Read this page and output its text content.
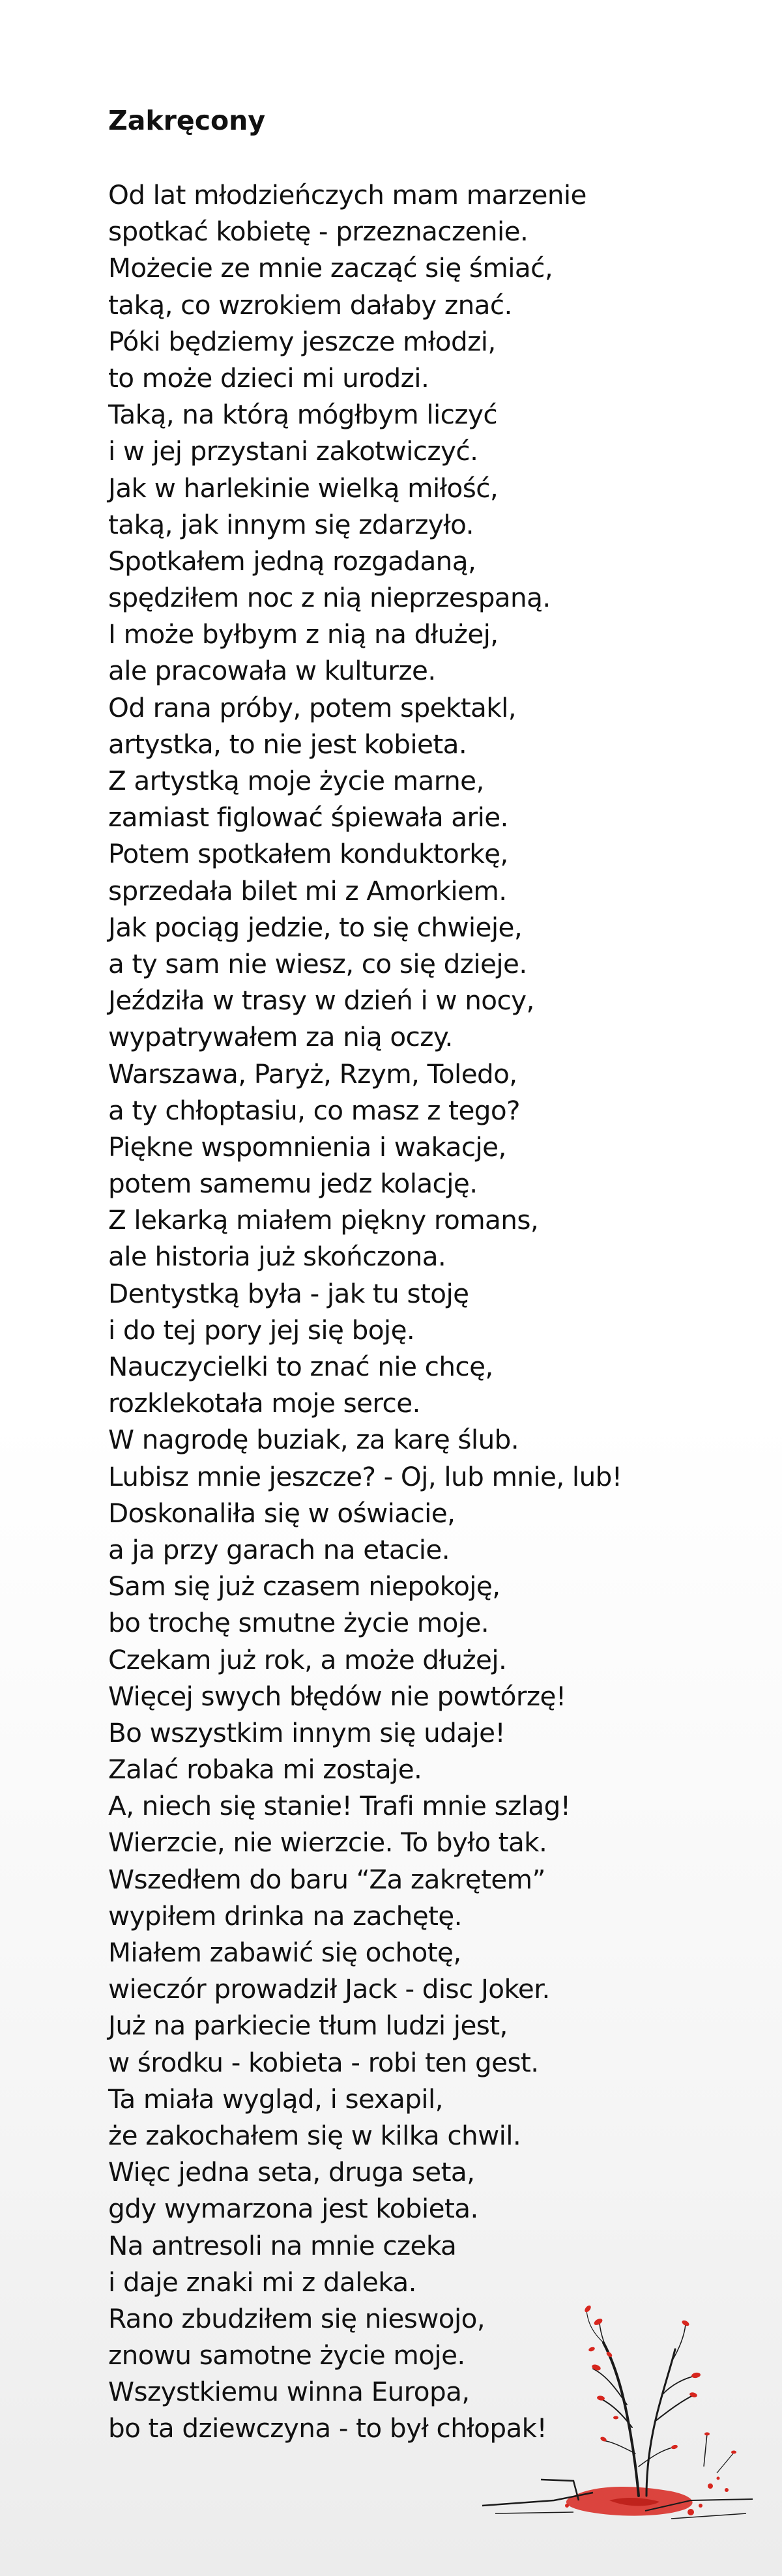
Zakręcony
Od lat młodzieńczych mam marzenie
spotkać kobietę - przeznaczenie.
Możecie ze mnie zacząć się śmiać,
taką, co wzrokiem dałaby znać.
Póki będziemy jeszcze młodzi,
to może dzieci mi urodzi.
Taką, na którą mógłbym liczyć
i w jej przystani zakotwiczyć.
Jak w harlekinie wielką miłość,
taką, jak innym się zdarzyło.
Spotkałem jedną rozgadaną,
spędziłem noc z nią nieprzespaną.
I może byłbym z nią na dłużej,
ale pracowała w kulturze.
Od rana próby, potem spektakl,
artystka, to nie jest kobieta.
Z artystką moje życie marne,
zamiast figlować śpiewała arie.
Potem spotkałem konduktorkę,
sprzedała bilet mi z Amorkiem.
Jak pociąg jedzie, to się chwieje,
a ty sam nie wiesz, co się dzieje.
Jeździła w trasy w dzień i w nocy,
wypatrywałem za nią oczy.
Warszawa, Paryż, Rzym, Toledo,
a ty chłoptasiu, co masz z tego?
Piękne wspomnienia i wakacje,
potem samemu jedz kolację.
Z lekarką miałem piękny romans,
ale historia już skończona.
Dentystką była - jak tu stoję
i do tej pory jej się boję.
Nauczycielki to znać nie chcę,
rozklekotała moje serce.
W nagrodę buziak, za karę ślub.
Lubisz mnie jeszcze? - Oj, lub mnie, lub!
Doskonaliła się w oświacie,
a ja przy garach na etacie.
Sam się już czasem niepokoję,
bo trochę smutne życie moje.
Czekam już rok, a może dłużej.
Więcej swych błędów nie powtórzę!
Bo wszystkim innym się udaje!
Zalać robaka mi zostaje.
A, niech się stanie! Trafi mnie szlag!
Wierzcie, nie wierzcie. To było tak.
Wszedłem do baru “Za zakrętem”
wypiłem drinka na zachętę.
Miałem zabawić się ochotę,
wieczór prowadził Jack - disc Joker.
Już na parkiecie tłum ludzi jest,
w środku - kobieta - robi ten gest.
Ta miała wygląd, i sexapil,
że zakochałem się w kilka chwil.
Więc jedna seta, druga seta,
gdy wymarzona jest kobieta.
Na antresoli na mnie czeka
i daje znaki mi z daleka.
Rano zbudziłem się nieswojo,
znowu samotne życie moje.
Wszystkiemu winna Europa,
bo ta dziewczyna - to był chłopak!
